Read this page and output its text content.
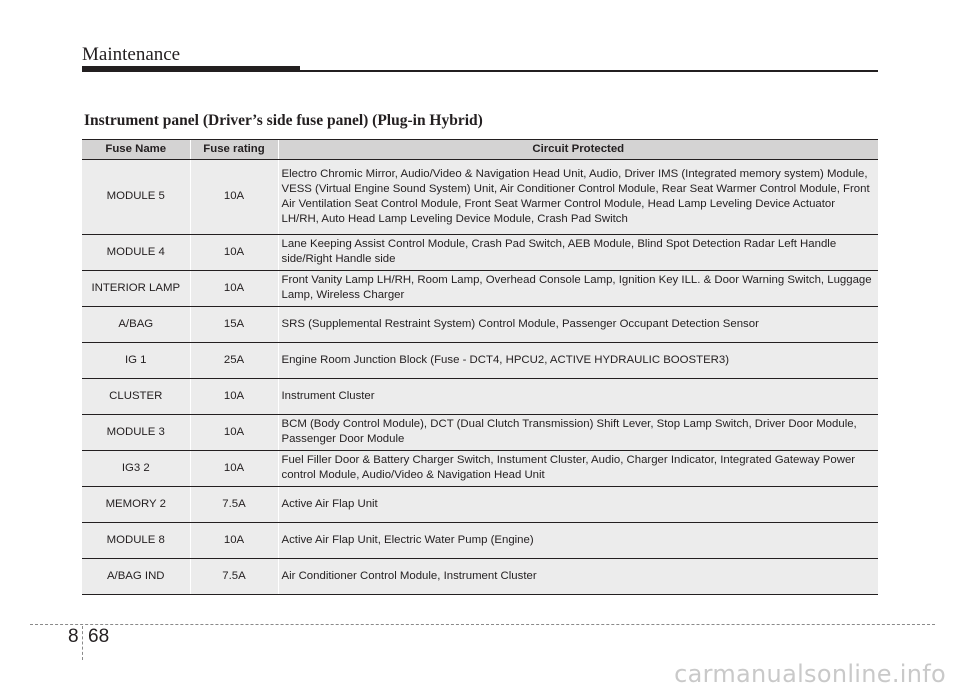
Maintenance
Instrument panel (Driver’s side fuse panel) (Plug-in Hybrid)
Fuse Name	Fuse rating	Circuit Protected
MODULE 5	10A	Electro Chromic Mirror, Audio/Video & Navigation Head Unit, Audio, Driver IMS (Integrated memory system) Module, VESS (Virtual Engine Sound System) Unit, Air Conditioner Control Module, Rear Seat Warmer Control Module, Front Air Ventilation Seat Control Module, Front Seat Warmer Control Module, Head Lamp Leveling Device Actuator LH/RH, Auto Head Lamp Leveling Device Module, Crash Pad Switch
MODULE 4	10A	Lane Keeping Assist Control Module, Crash Pad Switch, AEB Module, Blind Spot Detection Radar Left Handle side/Right Handle side
INTERIOR LAMP	10A	Front Vanity Lamp LH/RH, Room Lamp, Overhead Console Lamp, Ignition Key ILL. & Door Warning Switch, Luggage Lamp, Wireless Charger
A/BAG	15A	SRS (Supplemental Restraint System) Control Module, Passenger Occupant Detection Sensor
IG 1	25A	Engine Room Junction Block (Fuse - DCT4, HPCU2, ACTIVE HYDRAULIC BOOSTER3)
CLUSTER	10A	Instrument Cluster
MODULE 3	10A	BCM (Body Control Module), DCT (Dual Clutch Transmission) Shift Lever, Stop Lamp Switch, Driver Door Module, Passenger Door Module
IG3 2	10A	Fuel Filler Door & Battery Charger Switch, Instument Cluster, Audio, Charger Indicator, Integrated Gateway Power control Module, Audio/Video & Navigation Head Unit
MEMORY 2	7.5A	Active Air Flap Unit
MODULE 8	10A	Active Air Flap Unit, Electric Water Pump (Engine)
A/BAG IND	7.5A	Air Conditioner Control Module, Instrument Cluster
8 68
carmanualsonline.info
